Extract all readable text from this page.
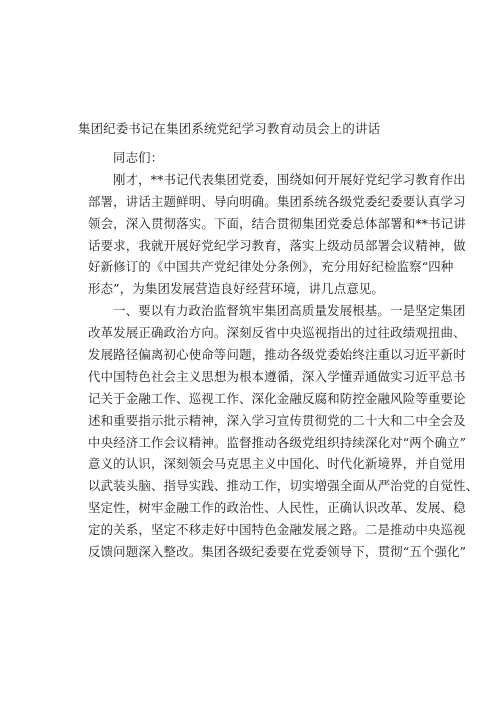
集团纪委书记在集团系统党纪学习教育动员会上的讲话
同志们：
刚才，**书记代表集团党委，围绕如何开展好党纪学习教育作出
部署，讲话主题鲜明、导向明确。集团系统各级党委纪委要认真学习
领会，深入贯彻落实。下面，结合贯彻集团党委总体部署和**书记讲
话要求，我就开展好党纪学习教育，落实上级动员部署会议精神，做
好新修订的《中国共产党纪律处分条例》，充分用好纪检监察“四种
形态”，为集团发展营造良好经营环境，讲几点意见。
一、要以有力政治监督筑牢集团高质量发展根基。一是坚定集团
改革发展正确政治方向。深刻反省中央巡视指出的过往政绩观扭曲、
发展路径偏离初心使命等问题，推动各级党委始终注重以习近平新时
代中国特色社会主义思想为根本遵循，深入学懂弄通做实习近平总书
记关于金融工作、巡视工作、深化金融反腐和防控金融风险等重要论
述和重要指示批示精神，深入学习宣传贯彻党的二十大和二中全会及
中央经济工作会议精神。监督推动各级党组织持续深化对“两个确立”
意义的认识，深刻领会马克思主义中国化、时代化新境界，并自觉用
以武装头脑、指导实践、推动工作，切实增强全面从严治党的自觉性、
坚定性，树牢金融工作的政治性、人民性，正确认识改革、发展、稳
定的关系，坚定不移走好中国特色金融发展之路。二是推动中央巡视
反馈问题深入整改。集团各级纪委要在党委领导下，贯彻“五个强化”
